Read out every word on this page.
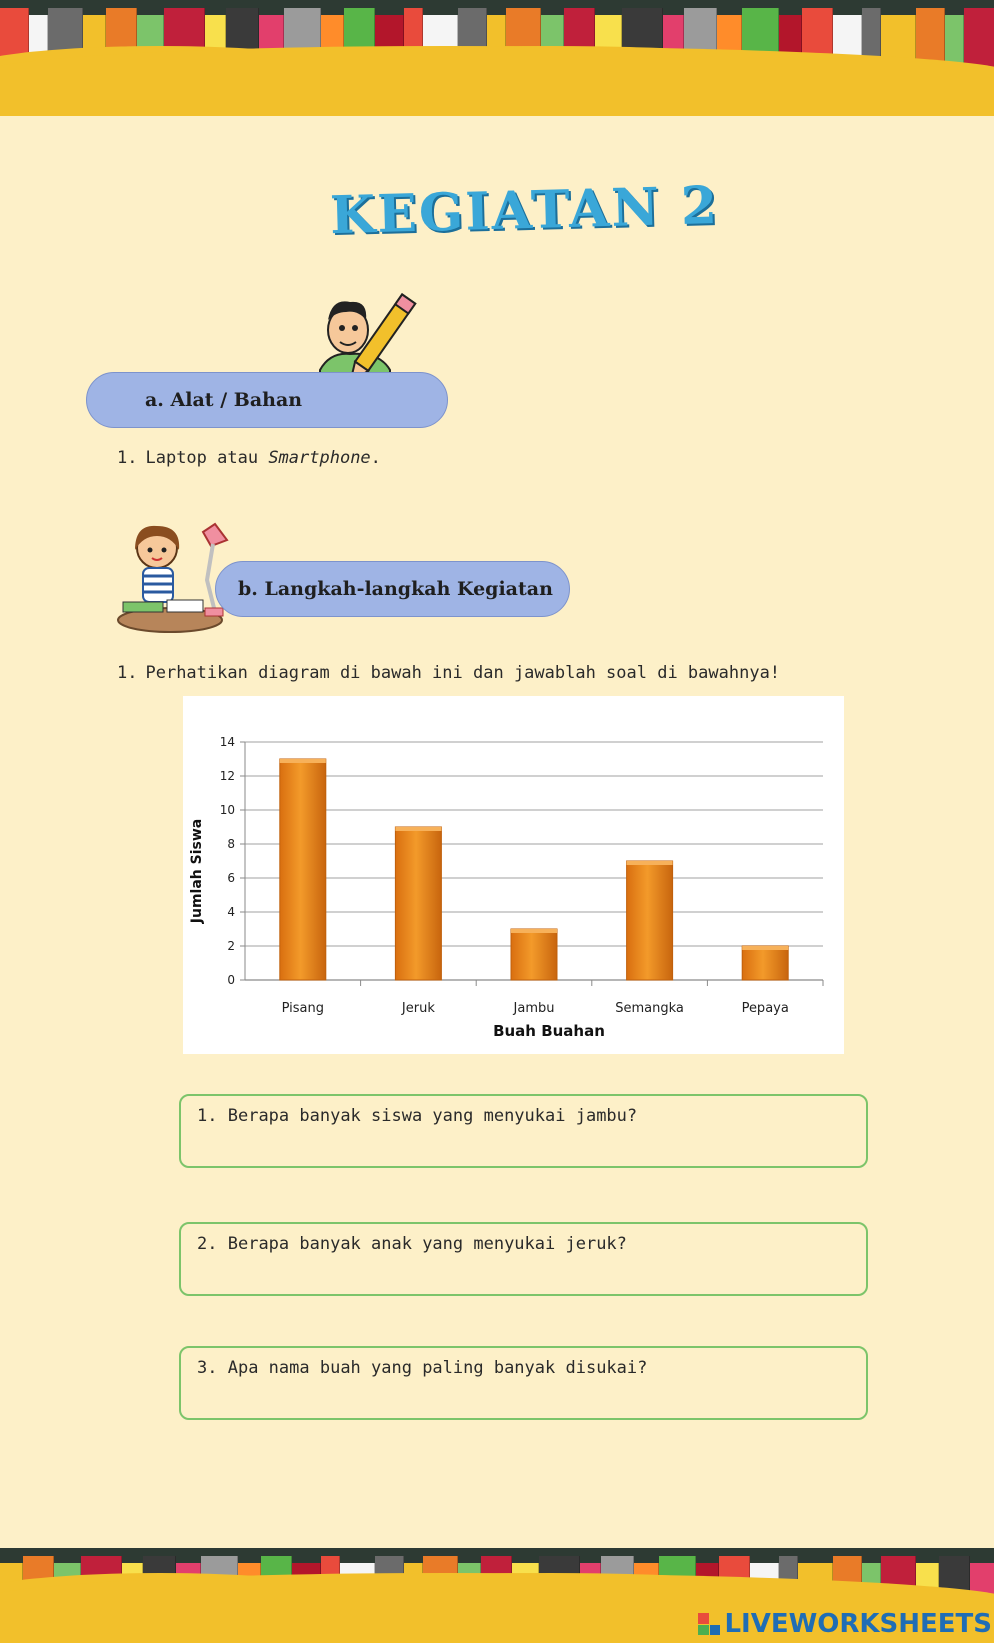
KEGIATAN 2
a. Alat / Bahan
1. Laptop atau Smartphone.
b. Langkah-langkah Kegiatan
1. Perhatikan diagram di bawah ini dan jawablah soal di bawahnya!
0
2
4
6
8
10
12
14
Pisang	Jeruk	Jambu	Semangka	Pepaya
Buah Buahan
Jumlah Siswa
1. Berapa banyak siswa yang menyukai jambu?
2. Berapa banyak anak yang menyukai jeruk?
3. Apa nama buah yang paling banyak disukai?
LIVEWORKSHEETS
